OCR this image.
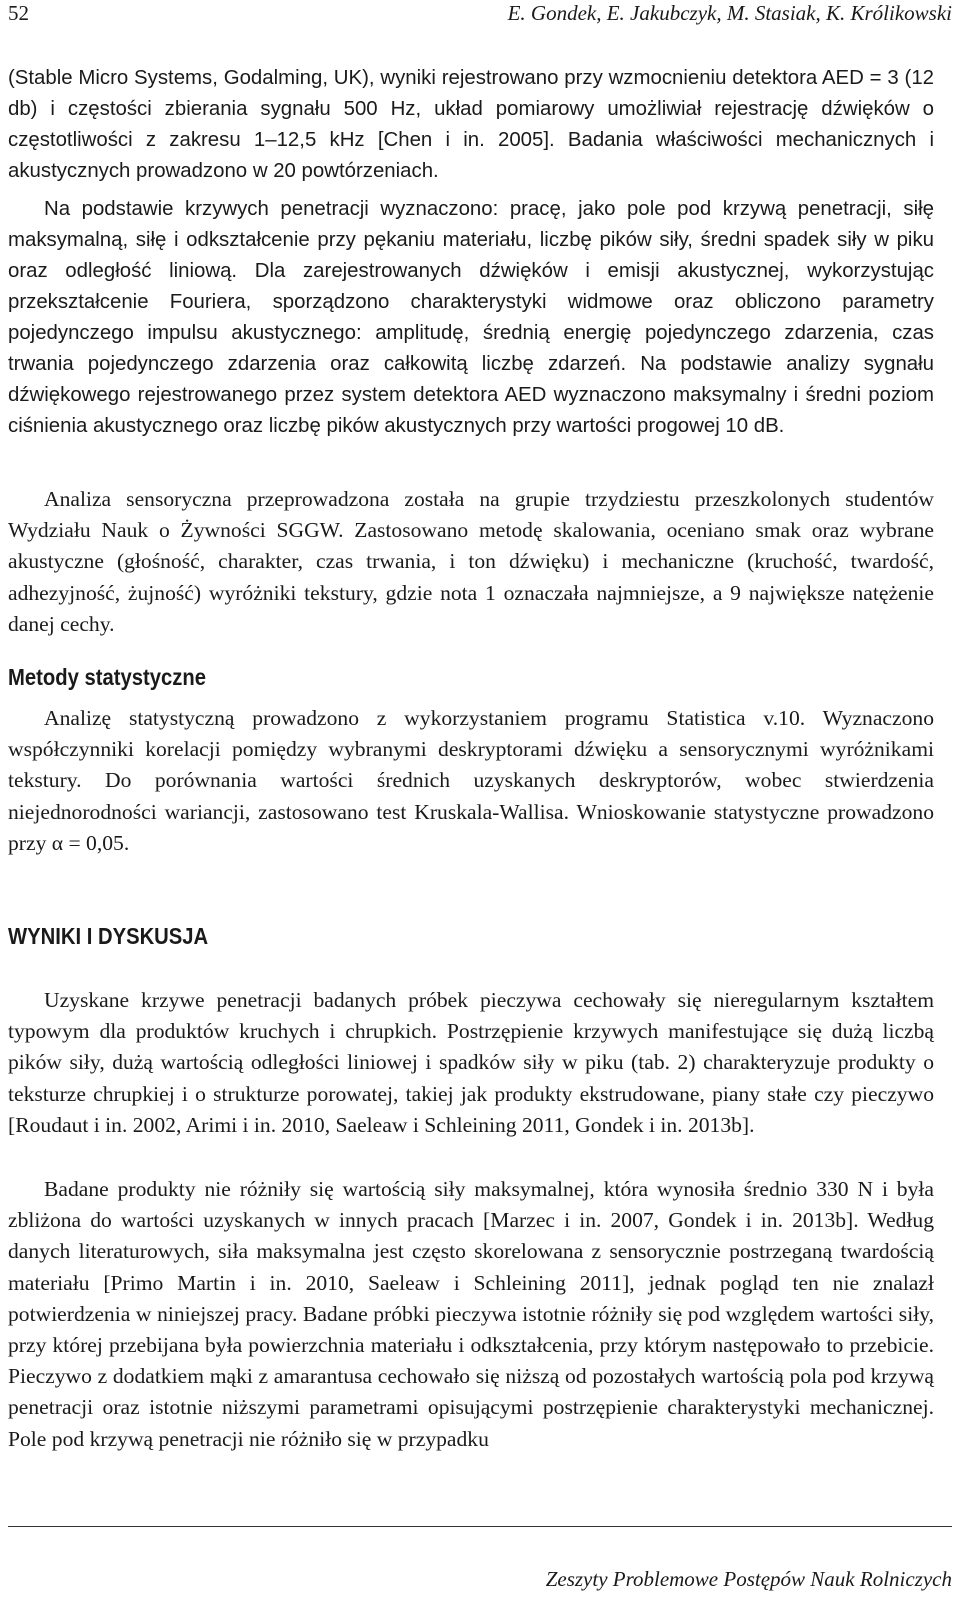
52	E. Gondek, E. Jakubczyk, M. Stasiak, K. Królikowski

(Stable Micro Systems, Godalming, UK), wyniki rejestrowano przy wzmocnieniu detektora AED = 3 (12 db) i częstości zbierania sygnału 500 Hz, układ pomiarowy umożliwiał rejestrację dźwięków o częstotliwości z zakresu 1–12,5 kHz [Chen i in. 2005]. Badania właściwości mechanicznych i akustycznych prowadzono w 20 powtórzeniach.

Na podstawie krzywych penetracji wyznaczono: pracę, jako pole pod krzywą penetracji, siłę maksymalną, siłę i odkształcenie przy pękaniu materiału, liczbę pików siły, średni spadek siły w piku oraz odległość liniową. Dla zarejestrowanych dźwięków i emisji akustycznej, wykorzystując przekształcenie Fouriera, sporządzono charakterystyki widmowe oraz obliczono parametry pojedynczego impulsu akustycznego: amplitudę, średnią energię pojedynczego zdarzenia, czas trwania pojedynczego zdarzenia oraz całkowitą liczbę zdarzeń. Na podstawie analizy sygnału dźwiękowego rejestrowanego przez system detektora AED wyznaczono maksymalny i średni poziom ciśnienia akustycznego oraz liczbę pików akustycznych przy wartości progowej 10 dB.

Analiza sensoryczna przeprowadzona została na grupie trzydziestu przeszkolonych studentów Wydziału Nauk o Żywności SGGW. Zastosowano metodę skalowania, oceniano smak oraz wybrane akustyczne (głośność, charakter, czas trwania, i ton dźwięku) i mechaniczne (kruchość, twardość, adhezyjność, żujność) wyróżniki tekstury, gdzie nota 1 oznaczała najmniejsze, a 9 największe natężenie danej cechy.

Metody statystyczne

Analizę statystyczną prowadzono z wykorzystaniem programu Statistica v.10. Wyznaczono współczynniki korelacji pomiędzy wybranymi deskryptorami dźwięku a sensorycznymi wyróżnikami tekstury. Do porównania wartości średnich uzyskanych deskryptorów, wobec stwierdzenia niejednorodności wariancji, zastosowano test Kruskala-Wallisa. Wnioskowanie statystyczne prowadzono przy α = 0,05.

WYNIKI I DYSKUSJA

Uzyskane krzywe penetracji badanych próbek pieczywa cechowały się nieregularnym kształtem typowym dla produktów kruchych i chrupkich. Postrzępienie krzywych manifestujące się dużą liczbą pików siły, dużą wartością odległości liniowej i spadków siły w piku (tab. 2) charakteryzuje produkty o teksturze chrupkiej i o strukturze porowatej, takiej jak produkty ekstrudowane, piany stałe czy pieczywo [Roudaut i in. 2002, Arimi i in. 2010, Saeleaw i Schleining 2011, Gondek i in. 2013b].

Badane produkty nie różniły się wartością siły maksymalnej, która wynosiła średnio 330 N i była zbliżona do wartości uzyskanych w innych pracach [Marzec i in. 2007, Gondek i in. 2013b]. Według danych literaturowych, siła maksymalna jest często skorelowana z sensorycznie postrzeganą twardością materiału [Primo Martin i in. 2010, Saeleaw i Schleining 2011], jednak pogląd ten nie znalazł potwierdzenia w niniejszej pracy. Badane próbki pieczywa istotnie różniły się pod względem wartości siły, przy której przebijana była powierzchnia materiału i odkształcenia, przy którym następowało to przebicie. Pieczywo z dodatkiem mąki z amarantusa cechowało się niższą od pozostałych wartością pola pod krzywą penetracji oraz istotnie niższymi parametrami opisującymi postrzępienie charakterystyki mechanicznej. Pole pod krzywą penetracji nie różniło się w przypadku

Zeszyty Problemowe Postępów Nauk Rolniczych
